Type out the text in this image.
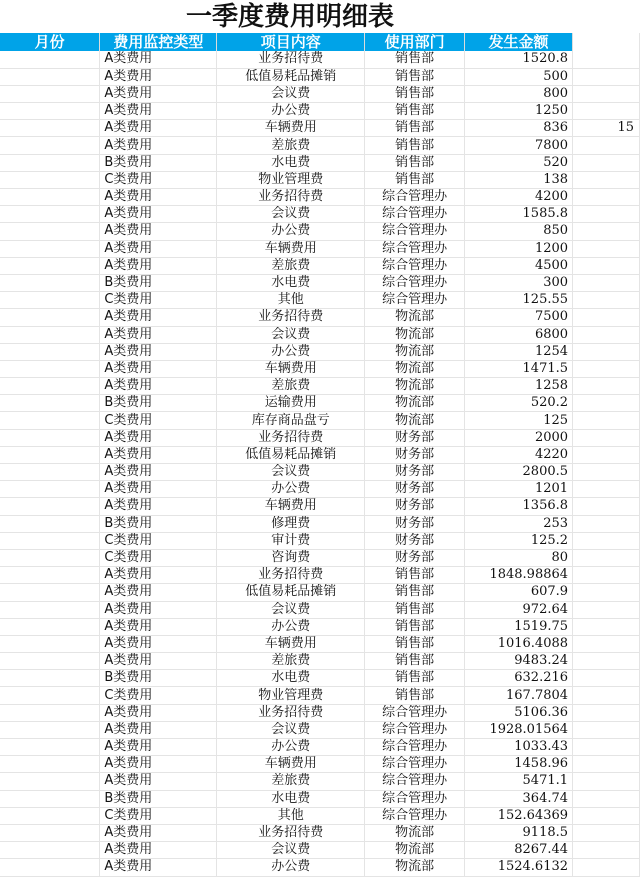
一季度费用明细表
月份	费用监控类型	项目内容	使用部门	发生金额	
	A类费用	业务招待费	销售部	1520.8	
	A类费用	低值易耗品摊销	销售部	500	
	A类费用	会议费	销售部	800	
	A类费用	办公费	销售部	1250	
	A类费用	车辆费用	销售部	836	15
	A类费用	差旅费	销售部	7800	
	B类费用	水电费	销售部	520	
	C类费用	物业管理费	销售部	138	
	A类费用	业务招待费	综合管理办	4200	
	A类费用	会议费	综合管理办	1585.8	
	A类费用	办公费	综合管理办	850	
	A类费用	车辆费用	综合管理办	1200	
	A类费用	差旅费	综合管理办	4500	
	B类费用	水电费	综合管理办	300	
	C类费用	其他	综合管理办	125.55	
	A类费用	业务招待费	物流部	7500	
	A类费用	会议费	物流部	6800	
	A类费用	办公费	物流部	1254	
	A类费用	车辆费用	物流部	1471.5	
	A类费用	差旅费	物流部	1258	
	B类费用	运输费用	物流部	520.2	
	C类费用	库存商品盘亏	物流部	125	
	A类费用	业务招待费	财务部	2000	
	A类费用	低值易耗品摊销	财务部	4220	
	A类费用	会议费	财务部	2800.5	
	A类费用	办公费	财务部	1201	
	A类费用	车辆费用	财务部	1356.8	
	B类费用	修理费	财务部	253	
	C类费用	审计费	财务部	125.2	
	C类费用	咨询费	财务部	80	
	A类费用	业务招待费	销售部	1848.98864	
	A类费用	低值易耗品摊销	销售部	607.9	
	A类费用	会议费	销售部	972.64	
	A类费用	办公费	销售部	1519.75	
	A类费用	车辆费用	销售部	1016.4088	
	A类费用	差旅费	销售部	9483.24	
	B类费用	水电费	销售部	632.216	
	C类费用	物业管理费	销售部	167.7804	
	A类费用	业务招待费	综合管理办	5106.36	
	A类费用	会议费	综合管理办	1928.01564	
	A类费用	办公费	综合管理办	1033.43	
	A类费用	车辆费用	综合管理办	1458.96	
	A类费用	差旅费	综合管理办	5471.1	
	B类费用	水电费	综合管理办	364.74	
	C类费用	其他	综合管理办	152.64369	
	A类费用	业务招待费	物流部	9118.5	
	A类费用	会议费	物流部	8267.44	
	A类费用	办公费	物流部	1524.6132	
